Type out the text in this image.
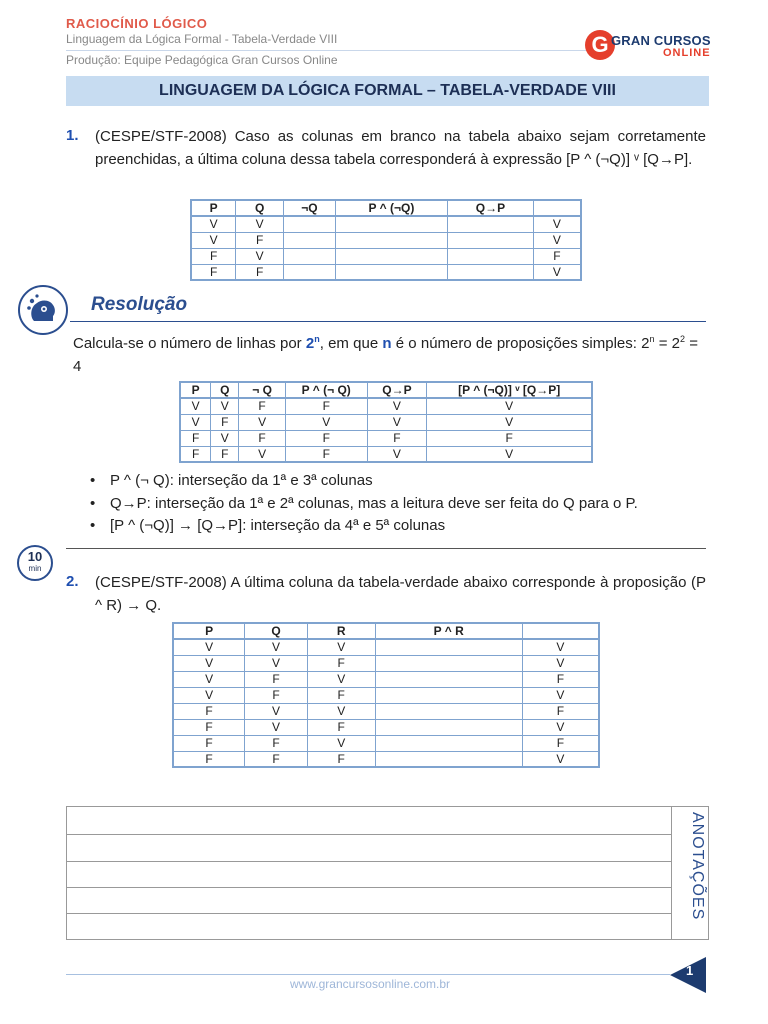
RACIOCÍNIO LÓGICO
Linguagem da Lógica Formal - Tabela-Verdade VIII
Produção: Equipe Pedagógica Gran Cursos Online
G GRAN CURSOS
ONLINE
LINGUAGEM DA LÓGICA FORMAL – TABELA-VERDADE VIII
1. (CESPE/STF-2008) Caso as colunas em branco na tabela abaixo sejam corretamente preenchidas, a última coluna dessa tabela corresponderá à expressão [P ^ (¬Q)] ᵛ [Q→P].
P	Q	¬Q	P ^ (¬Q)	Q→P	
V	V				V
V	F				V
F	V				F
F	F				V
Resolução
Calcula-se o número de linhas por 2$^n$, em que n é o número de proposições simples: $2^n = 2^2 = 4$
P	Q	¬ Q	P ^ (¬ Q)	Q→P	[P ^ (¬Q)] ᵛ [Q→P]
V	V	F	F	V	V
V	F	V	V	V	V
F	V	F	F	F	F
F	F	V	F	V	V
• P ^ (¬ Q): interseção da 1ª e 3ª colunas
• Q→P: interseção da 1ª e 2ª colunas, mas a leitura deve ser feita do Q para o P.
• [P ^ (¬Q)] → [Q→P]: interseção da 4ª e 5ª colunas
10
min
2. (CESPE/STF-2008) A última coluna da tabela-verdade abaixo corresponde à proposição (P ^ R) → Q.
P	Q	R	P ^ R	
V	V	V		V
V	V	F		V
V	F	V		F
V	F	F		V
F	V	V		F
F	V	F		V
F	F	V		F
F	F	F		V
ANOTAÇÕES
www.grancursosonline.com.br
1
